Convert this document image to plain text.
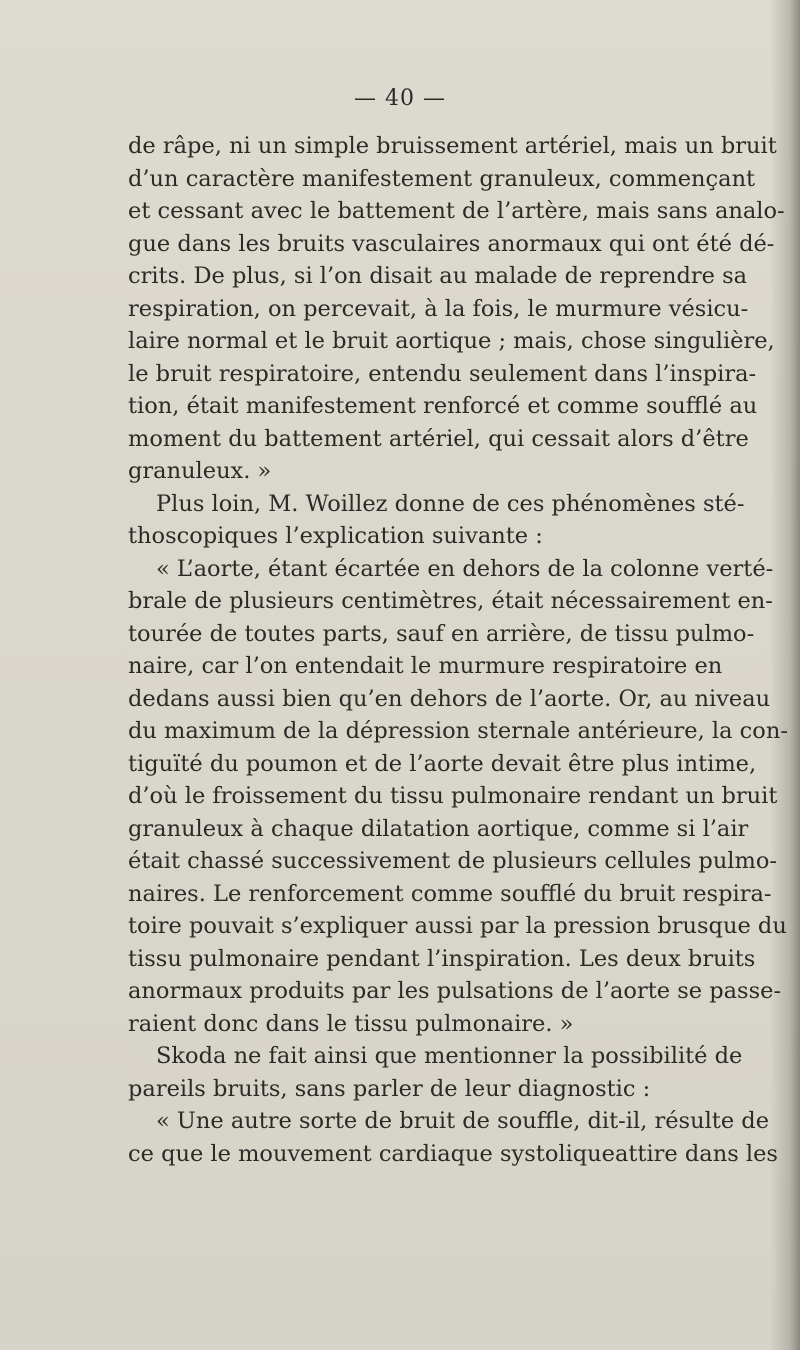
— 40 —
de râpe, ni un simple bruissement artériel, mais un bruit
d’un caractère manifestement granuleux, commençant
et cessant avec le battement de l’artère, mais sans analo-
gue dans les bruits vasculaires anormaux qui ont été dé-
crits. De plus, si l’on disait au malade de reprendre sa
respiration, on percevait, à la fois, le murmure vésicu-
laire normal et le bruit aortique ; mais, chose singulière,
le bruit respiratoire, entendu seulement dans l’inspira-
tion, était manifestement renforcé et comme soufflé au
moment du battement artériel, qui cessait alors d’être
granuleux. »
Plus loin, M. Woillez donne de ces phénomènes sté-
thoscopiques l’explication suivante :
« L’aorte, étant écartée en dehors de la colonne verté-
brale de plusieurs centimètres, était nécessairement en-
tourée de toutes parts, sauf en arrière, de tissu pulmo-
naire, car l’on entendait le murmure respiratoire en
dedans aussi bien qu’en dehors de l’aorte. Or, au niveau
du maximum de la dépression sternale antérieure, la con-
tiguïté du poumon et de l’aorte devait être plus intime,
d’où le froissement du tissu pulmonaire rendant un bruit
granuleux à chaque dilatation aortique, comme si l’air
était chassé successivement de plusieurs cellules pulmo-
naires. Le renforcement comme soufflé du bruit respira-
toire pouvait s’expliquer aussi par la pression brusque du
tissu pulmonaire pendant l’inspiration. Les deux bruits
anormaux produits par les pulsations de l’aorte se passe-
raient donc dans le tissu pulmonaire. »
Skoda ne fait ainsi que mentionner la possibilité de
pareils bruits, sans parler de leur diagnostic :
« Une autre sorte de bruit de souffle, dit-il, résulte de
ce que le mouvement cardiaque systoliqueattire dans les
